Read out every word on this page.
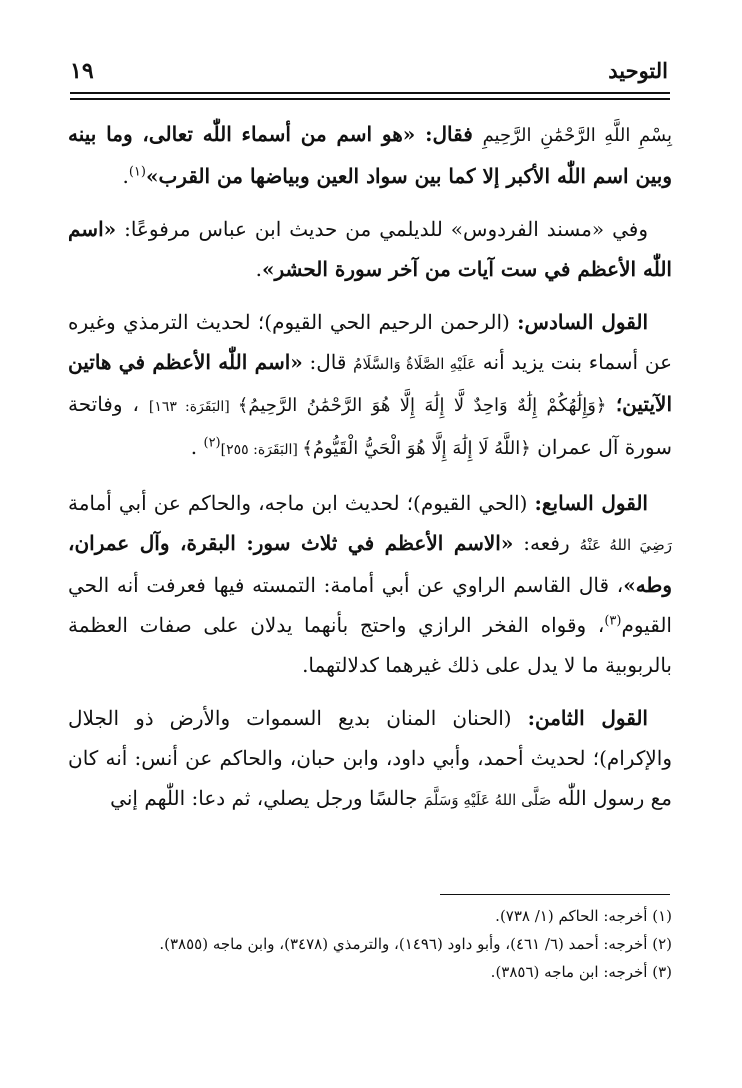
التوحيد
١٩

بِسْمِ اللَّهِ الرَّحْمَٰنِ الرَّحِيمِ فقال: «هو اسم من أسماء اللّٰه تعالى، وما بينه وبين اسم اللّٰه الأكبر إلا كما بين سواد العين وبياضها من القرب»$^{(١)}$.

وفي «مسند الفردوس» للديلمي من حديث ابن عباس مرفوعًا: «اسم اللّٰه الأعظم في ست آيات من آخر سورة الحشر».

القول السادس: (الرحمن الرحيم الحي القيوم)؛ لحديث الترمذي وغيره عن أسماء بنت يزيد أنه عَلَيْهِ الصَّلَاةُ وَالسَّلَامُ قال: «اسم اللّٰه الأعظم في هاتين الآيتين؛ ﴿وَإِلَٰهُكُمْ إِلَٰهٌ وَاحِدٌ لَّا إِلَٰهَ إِلَّا هُوَ الرَّحْمَٰنُ الرَّحِيمُ﴾ [البَقَرَة: ١٦٣] ، وفاتحة سورة آل عمران ﴿اللَّهُ لَا إِلَٰهَ إِلَّا هُوَ الْحَيُّ الْقَيُّومُ﴾ [البَقَرَة: ٢٥٥]$^{(٢)}$ .

القول السابع: (الحي القيوم)؛ لحديث ابن ماجه، والحاكم عن أبي أمامة رَضِيَ اللهُ عَنْهُ رفعه: «الاسم الأعظم في ثلاث سور: البقرة، وآل عمران، وطه»، قال القاسم الراوي عن أبي أمامة: التمسته فيها فعرفت أنه الحي القيوم$^{(٣)}$، وقواه الفخر الرازي واحتج بأنهما يدلان على صفات العظمة بالربوبية ما لا يدل على ذلك غيرهما كدلالتهما.

القول الثامن: (الحنان المنان بديع السموات والأرض ذو الجلال والإكرام)؛ لحديث أحمد، وأبي داود، وابن حبان، والحاكم عن أنس: أنه كان مع رسول اللّٰه صَلَّى اللهُ عَلَيْهِ وَسَلَّمَ جالسًا ورجل يصلي، ثم دعا: اللّٰهم إني

(١) أخرجه: الحاكم (١/ ٧٣٨).
(٢) أخرجه: أحمد (٦/ ٤٦١)، وأبو داود (١٤٩٦)، والترمذي (٣٤٧٨)، وابن ماجه (٣٨٥٥).
(٣) أخرجه: ابن ماجه (٣٨٥٦).
